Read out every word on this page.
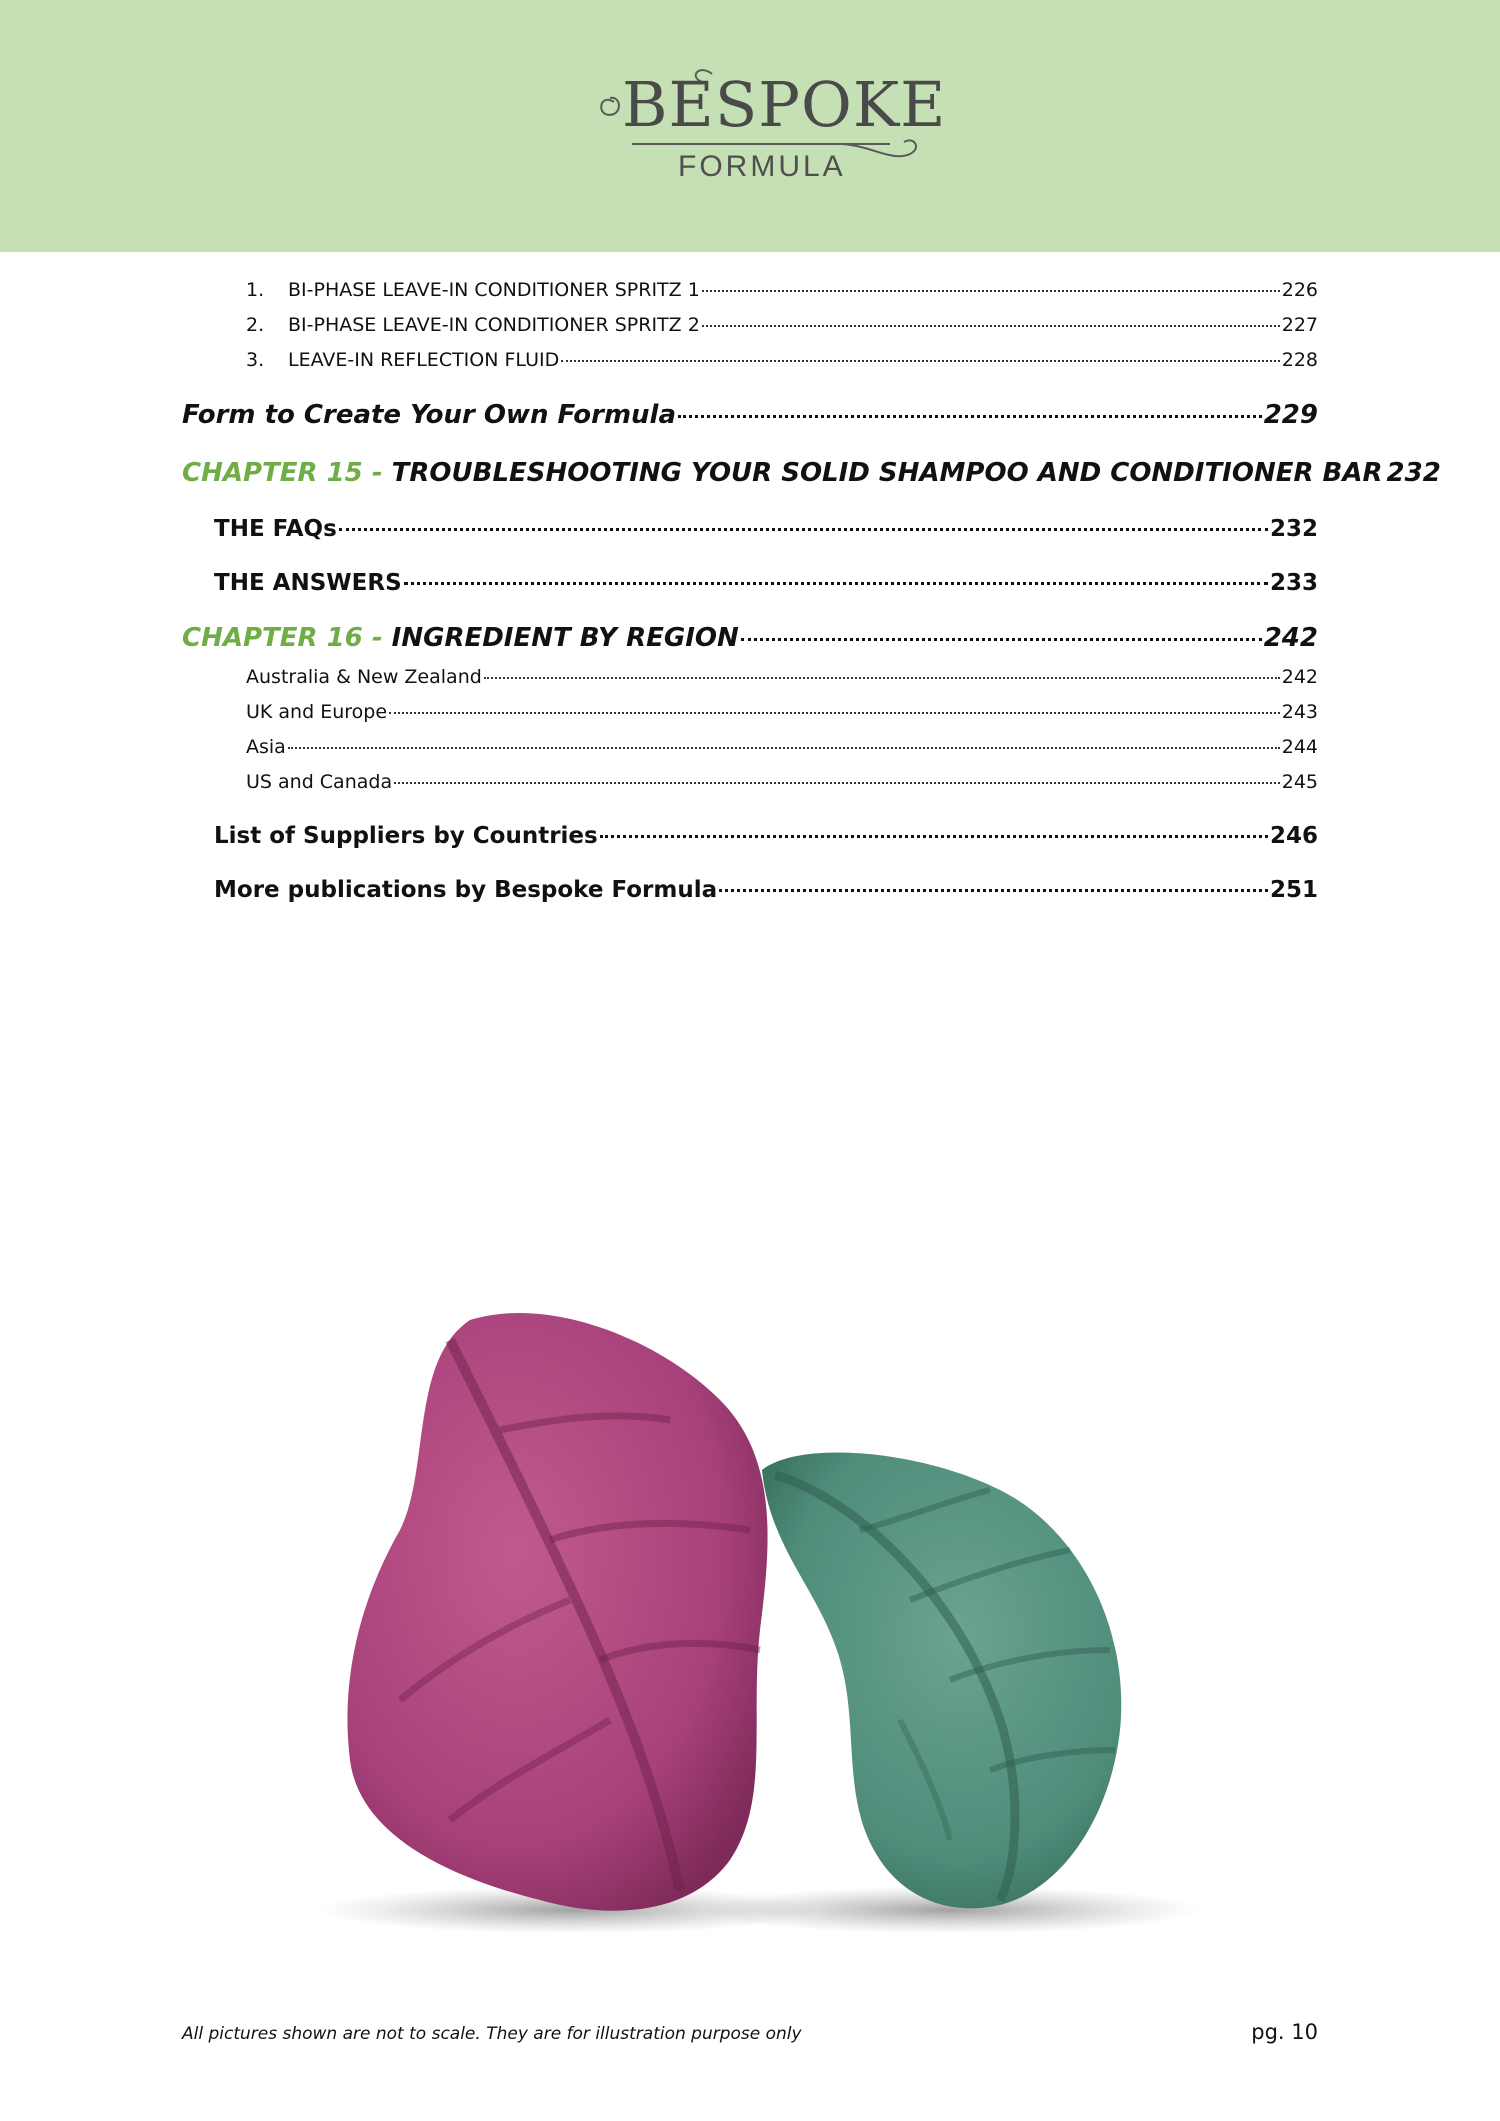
BESPOKE
FORMULA
1. BI-PHASE LEAVE-IN CONDITIONER SPRITZ 1	226
2. BI-PHASE LEAVE-IN CONDITIONER SPRITZ 2	227
3. LEAVE-IN REFLECTION FLUID	228
Form to Create Your Own Formula	229
CHAPTER 15 - TROUBLESHOOTING YOUR SOLID SHAMPOO AND CONDITIONER BAR 232
THE FAQs	232
THE ANSWERS	233
CHAPTER 16 - INGREDIENT BY REGION	242
Australia & New Zealand	242
UK and Europe	243
Asia	244
US and Canada	245
List of Suppliers by Countries	246
More publications by Bespoke Formula	251
All pictures shown are not to scale. They are for illustration purpose only	pg. 10
